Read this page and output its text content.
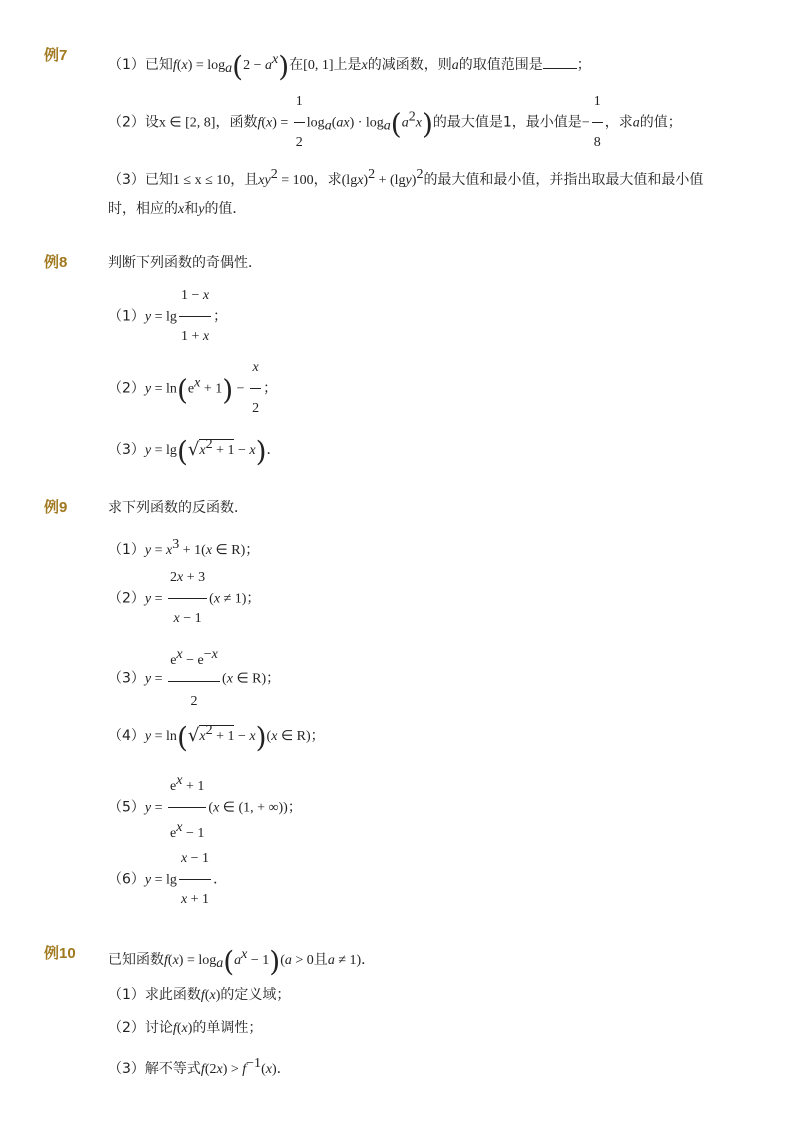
例7
（1）已知$f(x) = \log_a(2 - a^x)$在[0, 1]上是x的减函数，则a的取值范围是 ；
（2）设x ∈ [2, 8]，函数$f(x) = \frac{1}{2} \log_a(ax) \cdot \log_a(a^2x)$的最大值是1，最小值是− $\frac{1}{8}$ ，求a的值；
（3）已知1 ≤ x ≤ 10，且$xy^2 = 100$，求$(\lg x)^2 + (\lg y)^2$的最大值和最小值，并指出取最大值和最小值
时，相应的x和y的值．
例8	判断下列函数的奇偶性．
$(1)y = \lg \frac{1 - x}{1 + x}$ ；
$(2)y = \ln(e^x + 1) - \frac{x}{2}$ ；
$(3)y = \lg(√x^2 + 1 - x)$．
例9	求下列函数的反函数．
$(1)y = x^3 + 1(x$ ∈ R)；
$(2)y = \frac{2x + 3}{x - 1} (x \ne 1)$；
$(3)y = \frac{e^x - e^{-x}}{2} (x$ ∈ R)；
$(4)y = \ln(√x^2 + 1 - x)(x$ ∈ R)；
$(5)y = \frac{e^x + 1}{e^x - 1} (x$ ∈ (1, + ∞))；
$(6)y = \lg \frac{x - 1}{x + 1}$ ．
例10 已知函数$f(x) = \log_a(a^x - 1)(a > 0$且a ≠ 1)．
（1）求此函数f(x)的定义域；
（2）讨论f(x)的单调性；
（3）解不等式$f(2x) > f^{-1}(x)$．
